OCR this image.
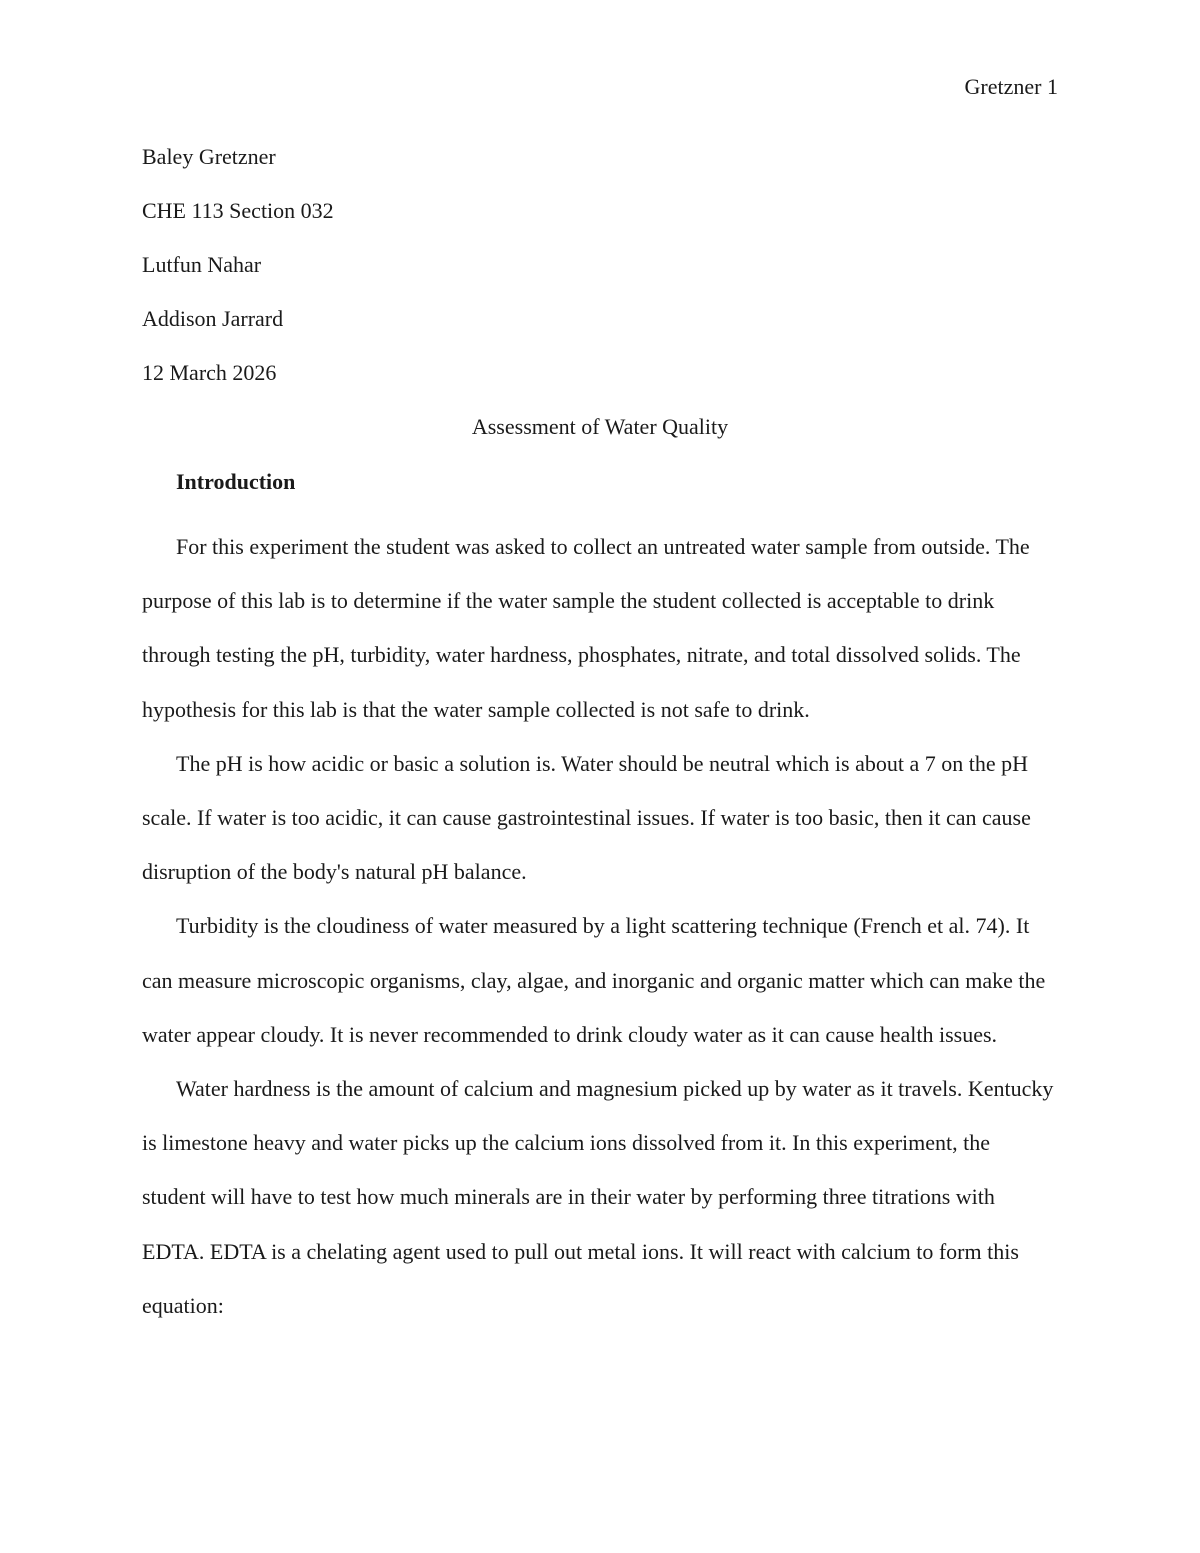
Gretzner 1
Baley Gretzner
CHE 113 Section 032
Lutfun Nahar
Addison Jarrard
12 March 2026
Assessment of Water Quality
Introduction

For this experiment the student was asked to collect an untreated water sample from outside. The purpose of this lab is to determine if the water sample the student collected is acceptable to drink through testing the pH, turbidity, water hardness, phosphates, nitrate, and total dissolved solids. The hypothesis for this lab is that the water sample collected is not safe to drink.

The pH is how acidic or basic a solution is. Water should be neutral which is about a 7 on the pH scale. If water is too acidic, it can cause gastrointestinal issues. If water is too basic, then it can cause disruption of the body's natural pH balance.

Turbidity is the cloudiness of water measured by a light scattering technique (French et al. 74). It can measure microscopic organisms, clay, algae, and inorganic and organic matter which can make the water appear cloudy. It is never recommended to drink cloudy water as it can cause health issues.

Water hardness is the amount of calcium and magnesium picked up by water as it travels. Kentucky is limestone heavy and water picks up the calcium ions dissolved from it. In this experiment, the student will have to test how much minerals are in their water by performing three titrations with EDTA. EDTA is a chelating agent used to pull out metal ions. It will react with calcium to form this equation:
